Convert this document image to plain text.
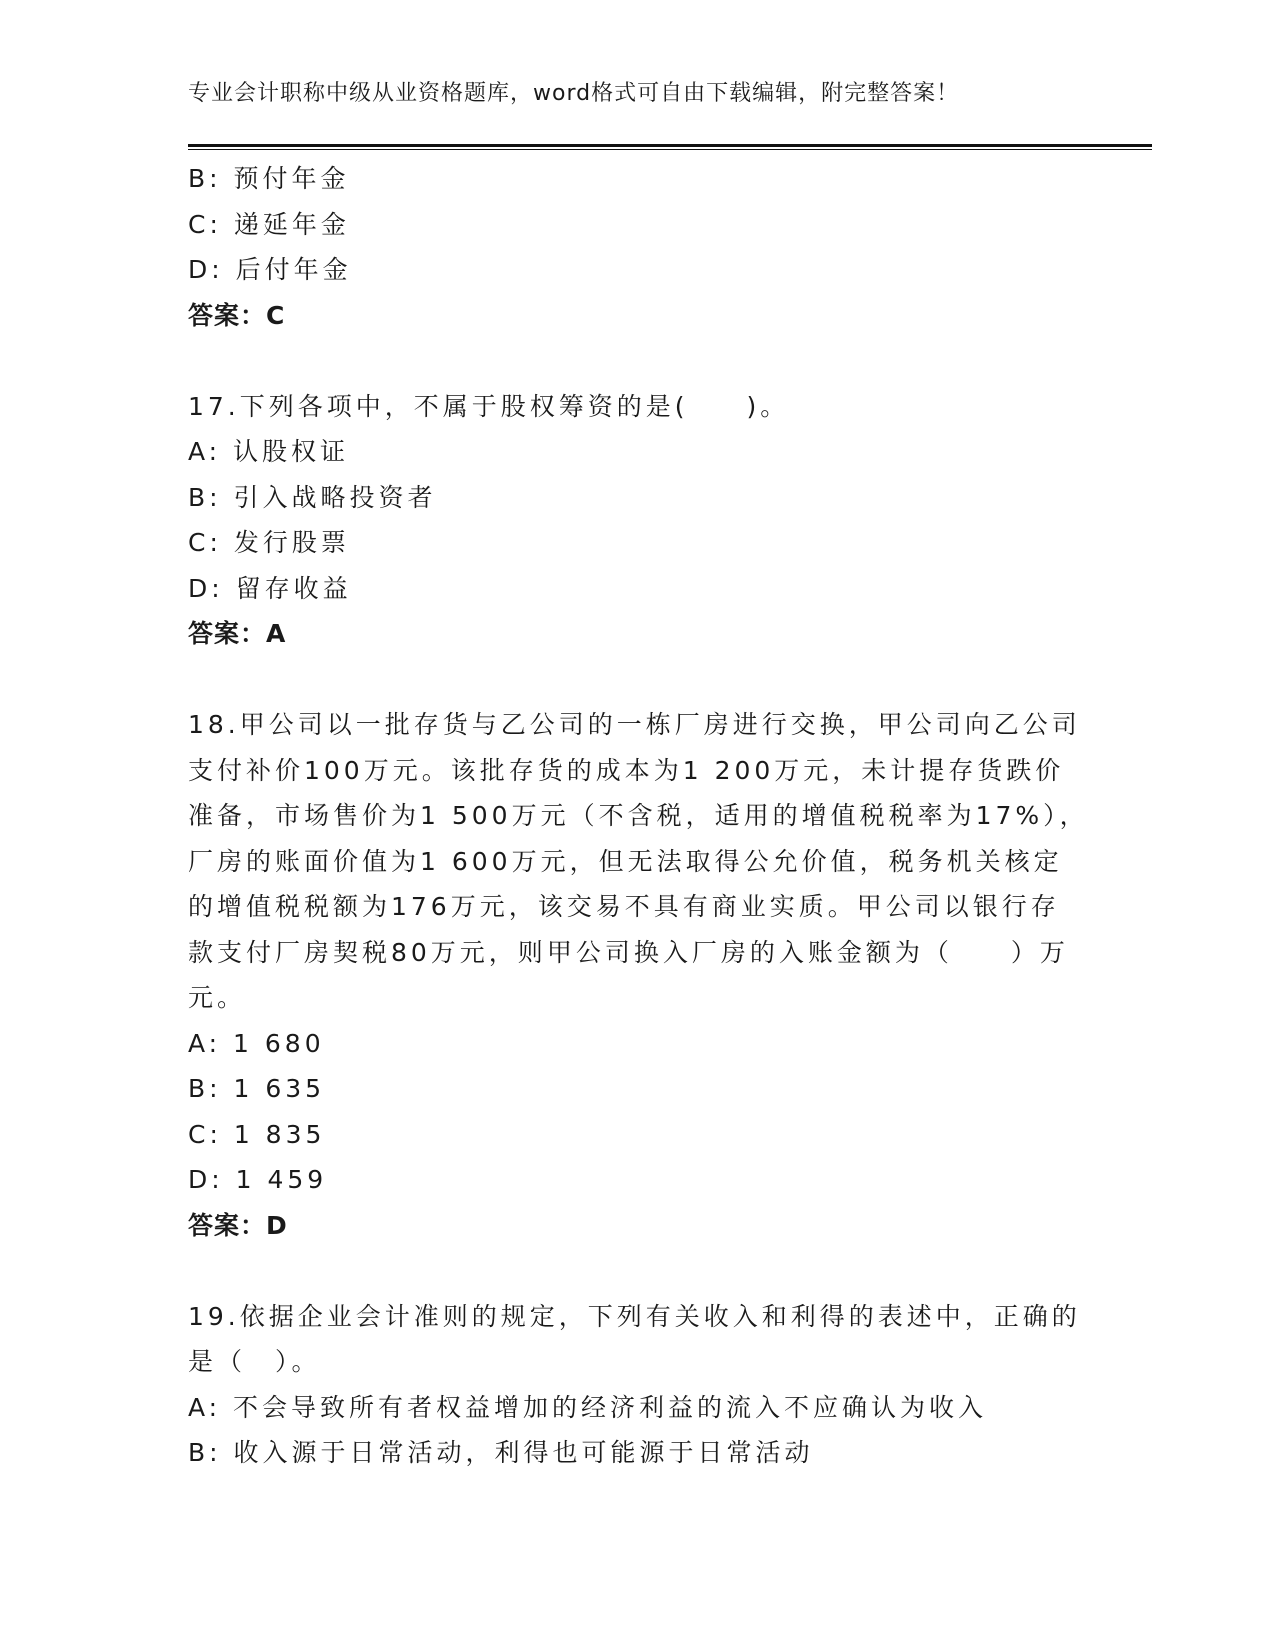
专业会计职称中级从业资格题库，word格式可自由下载编辑，附完整答案！
B: 预付年金
C: 递延年金
D: 后付年金
答案：C
17.下列各项中，不属于股权筹资的是(　　)。
A: 认股权证
B: 引入战略投资者
C: 发行股票
D: 留存收益
答案：A
18.甲公司以一批存货与乙公司的一栋厂房进行交换，甲公司向乙公司
支付补价100万元。该批存货的成本为1 200万元，未计提存货跌价
准备，市场售价为1 500万元（不含税，适用的增值税税率为17%），
厂房的账面价值为1 600万元，但无法取得公允价值，税务机关核定
的增值税税额为176万元，该交易不具有商业实质。甲公司以银行存
款支付厂房契税80万元，则甲公司换入厂房的入账金额为（　　）万
元。
A: 1 680
B: 1 635
C: 1 835
D: 1 459
答案：D
19.依据企业会计准则的规定，下列有关收入和利得的表述中，正确的
是（　）。
A: 不会导致所有者权益增加的经济利益的流入不应确认为收入
B: 收入源于日常活动，利得也可能源于日常活动
